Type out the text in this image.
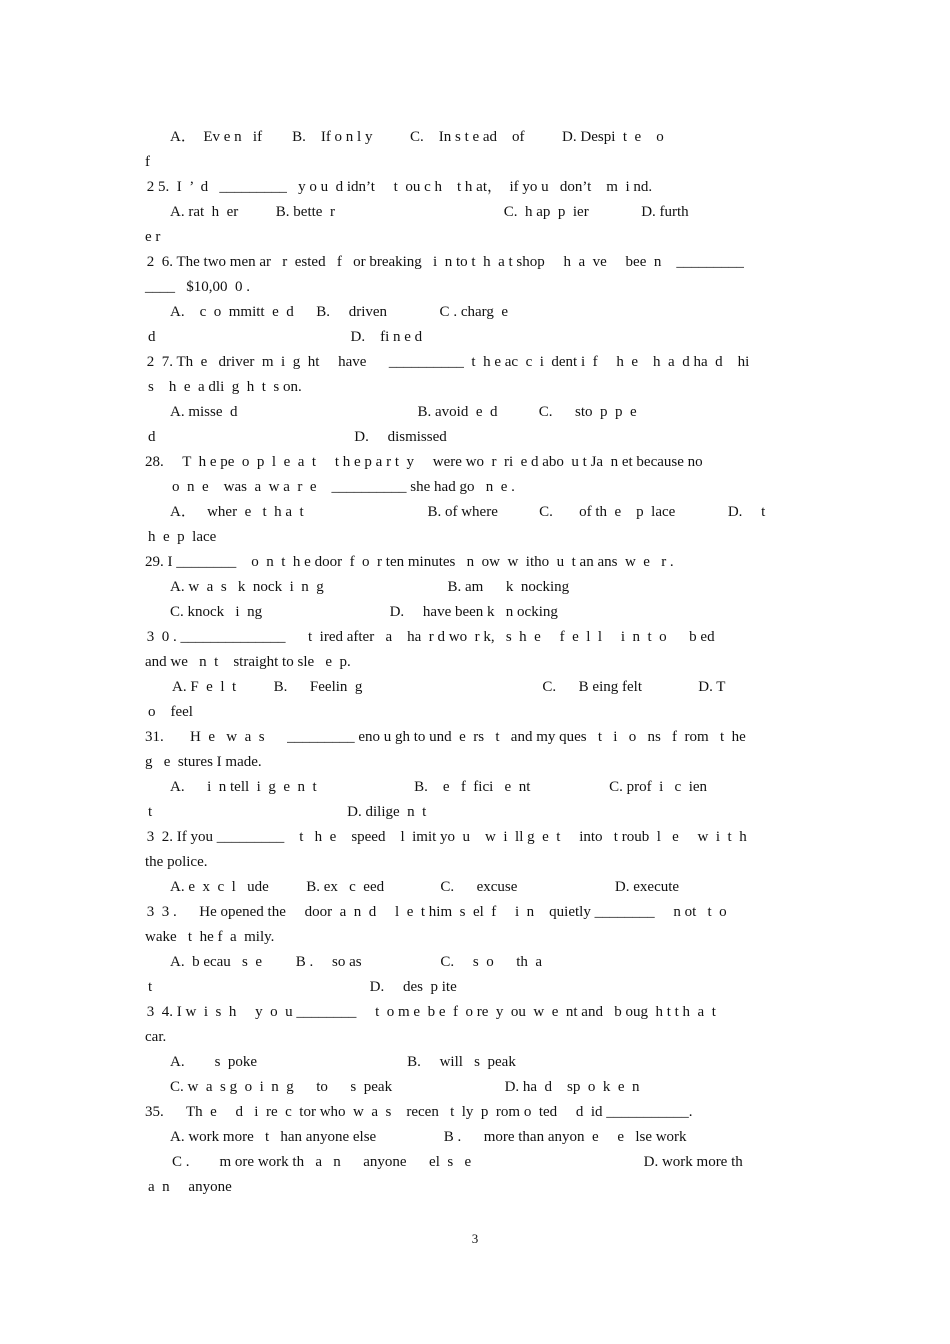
A．  Ev e n   if        B.    If o n l y          C.    In s t e ad    of          D. Despi  t  e    o
f
2 5.  I  ’  d   _________   y o u  d idn’t     t  ou c h    t h at，  if yo u   don’t    m  i nd.
A. rat  h  er          B. bette  r                                             C.  h ap  p  ier              D. furth
e r
2  6. The two men ar   r  ested   f   or breaking   i  n to t  h  a t shop     h  a  ve     bee  n    _________
____   $10,00  0 .
A.    c  o  mmitt  e  d      B.     driven              C . charg  e
d                                                    D.    fi n e d
2  7. Th  e   driver  m  i  g  ht     have      __________  t  h e ac  c  i  dent i  f     h  e    h  a  d ha  d    hi
s    h  e  a dli  g  h  t  s on.
A. misse  d                                                B. avoid  e  d           C.      sto  p  p  e
d                                                     D.     dismissed
28.     T  h e pe  o  p  l  e  a  t     t h e p a r t  y     were wo  r  ri  e d abo  u t Ja  n et because no
o  n  e    was  a  w a  r  e    __________ she had go   n  e .
A．   wher  e   t  h a  t                                 B. of where           C.       of th  e    p  lace              D.     t
h  e  p  lace
29. I ________    o  n  t  h e door  f  o  r ten minutes   n  ow  w  itho  u  t an ans  w  e   r .
A. w  a  s   k  nock  i  n  g                                 B. am      k  nocking
C. knock   i  ng                                  D.     have been k   n ocking
3  0 . ______________      t  ired after   a    ha  r d wo  r k,   s  h  e     f  e  l  l     i  n  t  o      b ed
and we   n  t    straight to sle   e  p.
A. F  e  l  t          B.      Feelin  g                                                C.      B eing felt               D. T
o    feel
31.       H  e   w  a  s      _________ eno u gh to und  e  rs   t   and my ques   t   i   o   ns   f  rom   t  he
g   e  stures I made.
A.      i  n tell  i  g  e  n  t                          B.    e   f  fici   e  nt                     C. prof  i   c  ien
t                                                    D. dilige  n  t
3  2. If you _________    t   h  e    speed    l  imit yo  u    w  i  ll g  e  t     into   t roub  l   e     w  i  t  h
the police.
A. e  x  c  l   ude          B. ex   c  eed               C.      excuse                          D. execute
3  3 .      He opened the     door  a  n  d     l  e  t him  s  el  f     i  n    quietly ________     n ot   t  o
wake   t  he f  a  mily.
A.  b ecau   s  e         B .     so as                     C.     s  o      th  a
t                                                          D.     des  p ite
3  4. I w  i  s  h     y  o  u ________     t  o m e  b e  f  o re  y  ou  w  e  nt and   b oug  h t t h  a  t
car.
A.        s  poke                                        B.     will   s  peak
C. w  a  s g  o  i  n  g      to      s  peak                              D. ha  d    sp  o  k  e  n
35.      Th  e     d   i  re  c  tor who  w  a  s    recen   t  ly  p  rom o  ted     d  id ___________.
A. work more   t   han anyone else                  B .      more than anyon  e     e   lse work
C .        m ore work th   a   n      anyone      el  s   e                                              D. work more th
a  n     anyone
3
